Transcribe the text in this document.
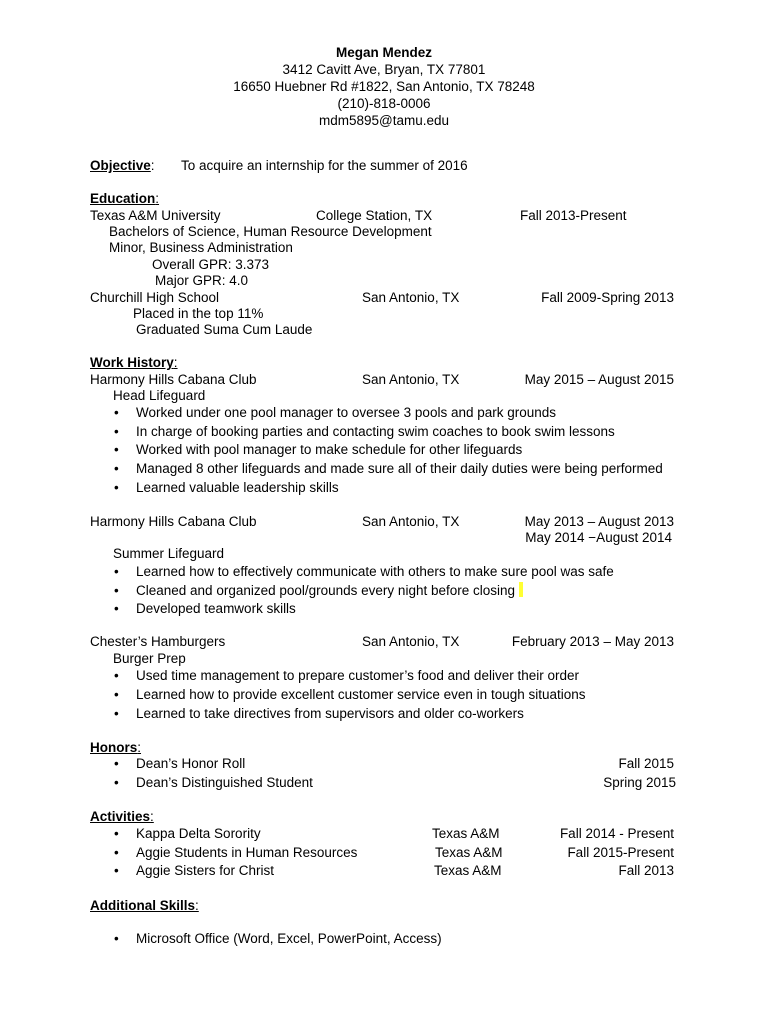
Megan Mendez
3412 Cavitt Ave, Bryan, TX 77801
16650 Huebner Rd #1822, San Antonio, TX 78248
(210)-818-0006
mdm5895@tamu.edu
Objective: To acquire an internship for the summer of 2016
Education:
Texas A&M University	College Station, TX	Fall 2013-Present
Bachelors of Science, Human Resource Development
Minor, Business Administration
Overall GPR: 3.373
Major GPR: 4.0
Churchill High School	San Antonio, TX	Fall 2009-Spring 2013
Placed in the top 11%
Graduated Suma Cum Laude
Work History:
Harmony Hills Cabana Club	San Antonio, TX	May 2015 – August 2015
Head Lifeguard
• Worked under one pool manager to oversee 3 pools and park grounds
• In charge of booking parties and contacting swim coaches to book swim lessons
• Worked with pool manager to make schedule for other lifeguards
• Managed 8 other lifeguards and made sure all of their daily duties were being performed
• Learned valuable leadership skills
Harmony Hills Cabana Club	San Antonio, TX	May 2013 – August 2013
May 2014 −August 2014
Summer Lifeguard
• Learned how to effectively communicate with others to make sure pool was safe
• Cleaned and organized pool/grounds every night before closing
• Developed teamwork skills
Chester’s Hamburgers	San Antonio, TX	February 2013 – May 2013
Burger Prep
• Used time management to prepare customer’s food and deliver their order
• Learned how to provide excellent customer service even in tough situations
• Learned to take directives from supervisors and older co-workers
Honors:
• Dean’s Honor Roll	Fall 2015
• Dean’s Distinguished Student	Spring 2015
Activities:
• Kappa Delta Sorority	Texas A&M	Fall 2014 - Present
• Aggie Students in Human Resources	Texas A&M	Fall 2015-Present
• Aggie Sisters for Christ	Texas A&M	Fall 2013
Additional Skills:
• Microsoft Office (Word, Excel, PowerPoint, Access)
